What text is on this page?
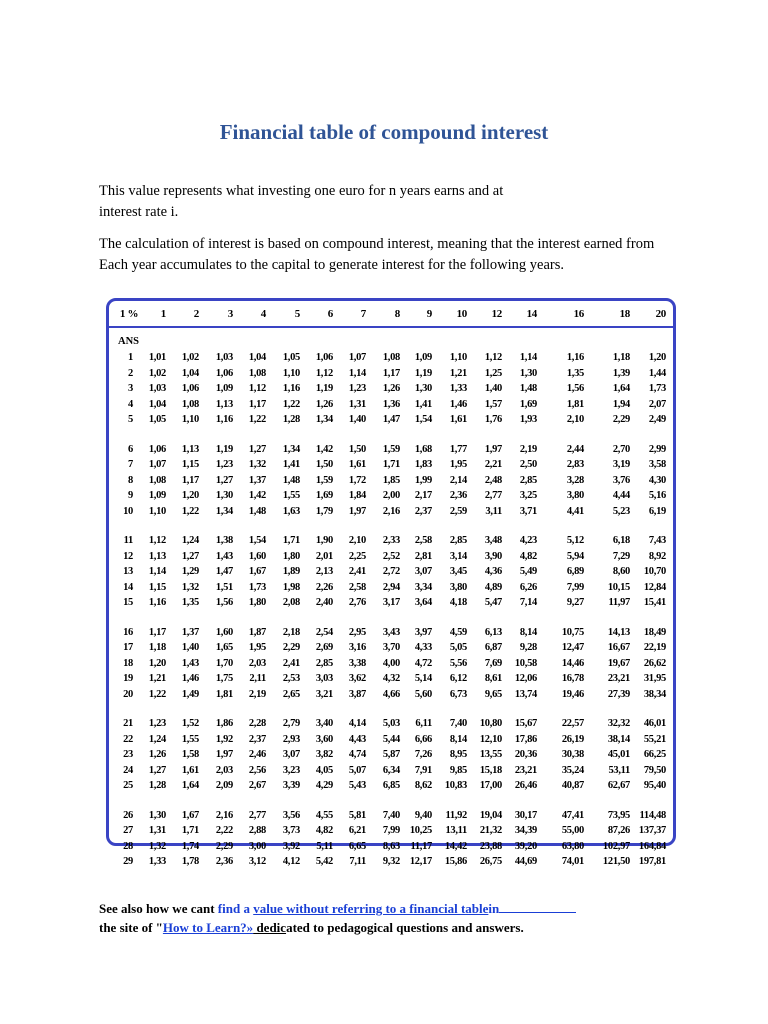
Financial table of compound interest
This value represents what investing one euro for n years earns and at
interest rate i.
The calculation of interest is based on compound interest, meaning that the interest earned from
Each year accumulates to the capital to generate interest for the following years.
1 %	1	2	3	4	5	6	7	8	9	10	12	14	16	18	20
ANS
1	1,01	1,02	1,03	1,04	1,05	1,06	1,07	1,08	1,09	1,10	1,12	1,14	1,16	1,18	1,20
2	1,02	1,04	1,06	1,08	1,10	1,12	1,14	1,17	1,19	1,21	1,25	1,30	1,35	1,39	1,44
3	1,03	1,06	1,09	1,12	1,16	1,19	1,23	1,26	1,30	1,33	1,40	1,48	1,56	1,64	1,73
4	1,04	1,08	1,13	1,17	1,22	1,26	1,31	1,36	1,41	1,46	1,57	1,69	1,81	1,94	2,07
5	1,05	1,10	1,16	1,22	1,28	1,34	1,40	1,47	1,54	1,61	1,76	1,93	2,10	2,29	2,49
6	1,06	1,13	1,19	1,27	1,34	1,42	1,50	1,59	1,68	1,77	1,97	2,19	2,44	2,70	2,99
7	1,07	1,15	1,23	1,32	1,41	1,50	1,61	1,71	1,83	1,95	2,21	2,50	2,83	3,19	3,58
8	1,08	1,17	1,27	1,37	1,48	1,59	1,72	1,85	1,99	2,14	2,48	2,85	3,28	3,76	4,30
9	1,09	1,20	1,30	1,42	1,55	1,69	1,84	2,00	2,17	2,36	2,77	3,25	3,80	4,44	5,16
10	1,10	1,22	1,34	1,48	1,63	1,79	1,97	2,16	2,37	2,59	3,11	3,71	4,41	5,23	6,19
11	1,12	1,24	1,38	1,54	1,71	1,90	2,10	2,33	2,58	2,85	3,48	4,23	5,12	6,18	7,43
12	1,13	1,27	1,43	1,60	1,80	2,01	2,25	2,52	2,81	3,14	3,90	4,82	5,94	7,29	8,92
13	1,14	1,29	1,47	1,67	1,89	2,13	2,41	2,72	3,07	3,45	4,36	5,49	6,89	8,60	10,70
14	1,15	1,32	1,51	1,73	1,98	2,26	2,58	2,94	3,34	3,80	4,89	6,26	7,99	10,15	12,84
15	1,16	1,35	1,56	1,80	2,08	2,40	2,76	3,17	3,64	4,18	5,47	7,14	9,27	11,97	15,41
16	1,17	1,37	1,60	1,87	2,18	2,54	2,95	3,43	3,97	4,59	6,13	8,14	10,75	14,13	18,49
17	1,18	1,40	1,65	1,95	2,29	2,69	3,16	3,70	4,33	5,05	6,87	9,28	12,47	16,67	22,19
18	1,20	1,43	1,70	2,03	2,41	2,85	3,38	4,00	4,72	5,56	7,69	10,58	14,46	19,67	26,62
19	1,21	1,46	1,75	2,11	2,53	3,03	3,62	4,32	5,14	6,12	8,61	12,06	16,78	23,21	31,95
20	1,22	1,49	1,81	2,19	2,65	3,21	3,87	4,66	5,60	6,73	9,65	13,74	19,46	27,39	38,34
21	1,23	1,52	1,86	2,28	2,79	3,40	4,14	5,03	6,11	7,40	10,80	15,67	22,57	32,32	46,01
22	1,24	1,55	1,92	2,37	2,93	3,60	4,43	5,44	6,66	8,14	12,10	17,86	26,19	38,14	55,21
23	1,26	1,58	1,97	2,46	3,07	3,82	4,74	5,87	7,26	8,95	13,55	20,36	30,38	45,01	66,25
24	1,27	1,61	2,03	2,56	3,23	4,05	5,07	6,34	7,91	9,85	15,18	23,21	35,24	53,11	79,50
25	1,28	1,64	2,09	2,67	3,39	4,29	5,43	6,85	8,62	10,83	17,00	26,46	40,87	62,67	95,40
26	1,30	1,67	2,16	2,77	3,56	4,55	5,81	7,40	9,40	11,92	19,04	30,17	47,41	73,95 114,48
27	1,31	1,71	2,22	2,88	3,73	4,82	6,21	7,99 10,25	13,11	21,32	34,39	55,00	87,26 137,37
28	1,32	1,74	2,29	3,00	3,92	5,11	6,65	8,63 11,17	14,42	23,88	39,20	63,80	102,97 164,84
29	1,33	1,78	2,36	3,12	4,12	5,42	7,11	9,32 12,17	15,86	26,75	44,69	74,01	121,50 197,81
See also how we cant find a value without referring to a financial tablein
the site of "How to Learn?» dedicated to pedagogical questions and answers.
